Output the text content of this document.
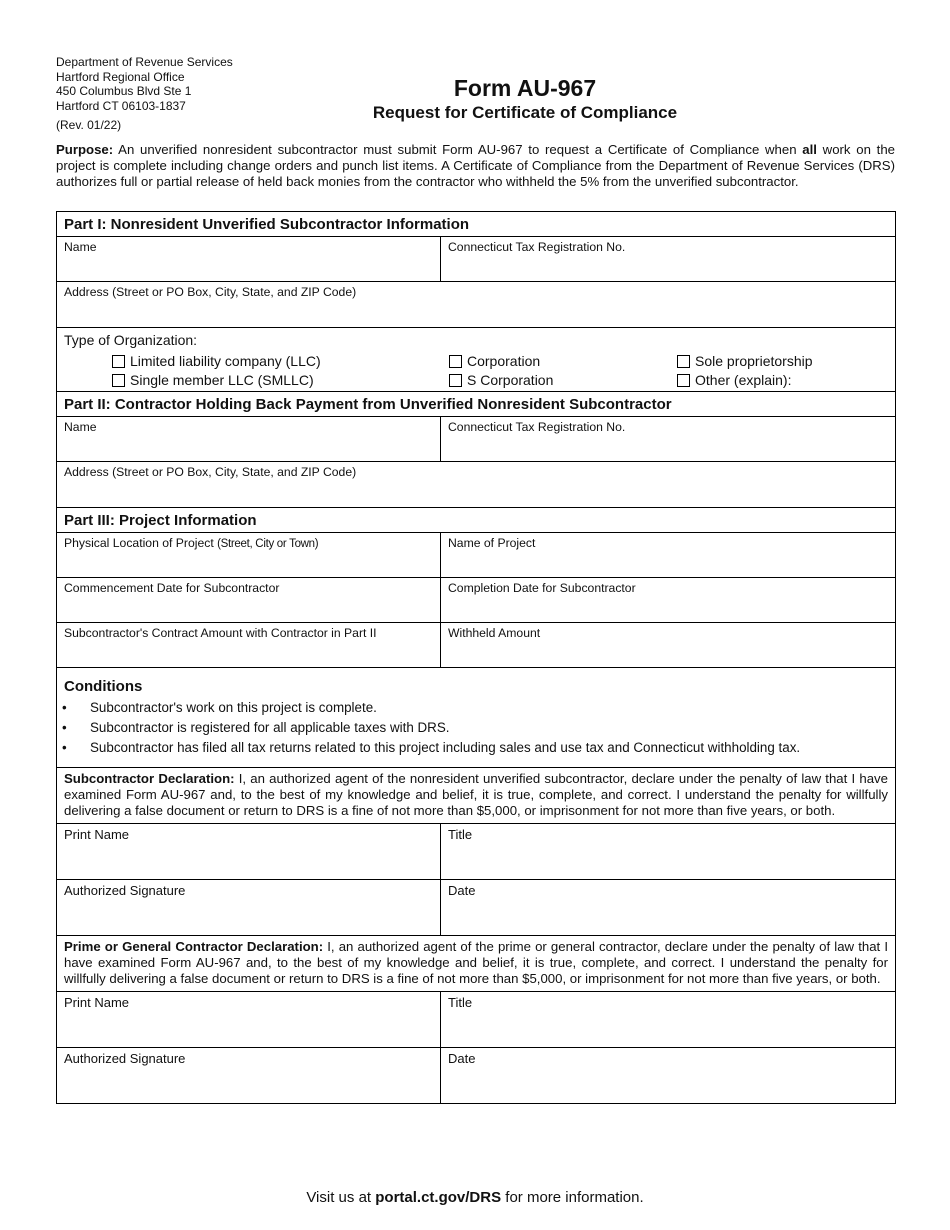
Department of Revenue Services
Hartford Regional Office
450 Columbus Blvd Ste 1
Hartford CT 06103-1837
(Rev. 01/22)
Form AU-967
Request for Certificate of Compliance
Purpose: An unverified nonresident subcontractor must submit Form AU-967 to request a Certificate of Compliance when all work on the project is complete including change orders and punch list items. A Certificate of Compliance from the Department of Revenue Services (DRS) authorizes full or partial release of held back monies from the contractor who withheld the 5% from the unverified subcontractor.
Part I: Nonresident Unverified Subcontractor Information
Name	Connecticut Tax Registration No.
Address (Street or PO Box, City, State, and ZIP Code)
Type of Organization:
Limited liability company (LLC)	Corporation	Sole proprietorship
Single member LLC (SMLLC)	S Corporation	Other (explain):
Part II: Contractor Holding Back Payment from Unverified Nonresident Subcontractor
Name	Connecticut Tax Registration No.
Address (Street or PO Box, City, State, and ZIP Code)
Part III: Project Information
Physical Location of Project (Street, City or Town)	Name of Project
Commencement Date for Subcontractor	Completion Date for Subcontractor
Subcontractor's Contract Amount with Contractor in Part II	Withheld Amount
Conditions
•	Subcontractor's work on this project is complete.
•	Subcontractor is registered for all applicable taxes with DRS.
•	Subcontractor has filed all tax returns related to this project including sales and use tax and Connecticut withholding tax.
Subcontractor Declaration: I, an authorized agent of the nonresident unverified subcontractor, declare under the penalty of law that I have examined Form AU-967 and, to the best of my knowledge and belief, it is true, complete, and correct. I understand the penalty for willfully delivering a false document or return to DRS is a fine of not more than $5,000, or imprisonment for not more than five years, or both.
Print Name	Title
Authorized Signature	Date
Prime or General Contractor Declaration: I, an authorized agent of the prime or general contractor, declare under the penalty of law that I have examined Form AU-967 and, to the best of my knowledge and belief, it is true, complete, and correct. I understand the penalty for willfully delivering a false document or return to DRS is a fine of not more than $5,000, or imprisonment for not more than five years, or both.
Print Name	Title
Authorized Signature	Date
Visit us at portal.ct.gov/DRS for more information.
